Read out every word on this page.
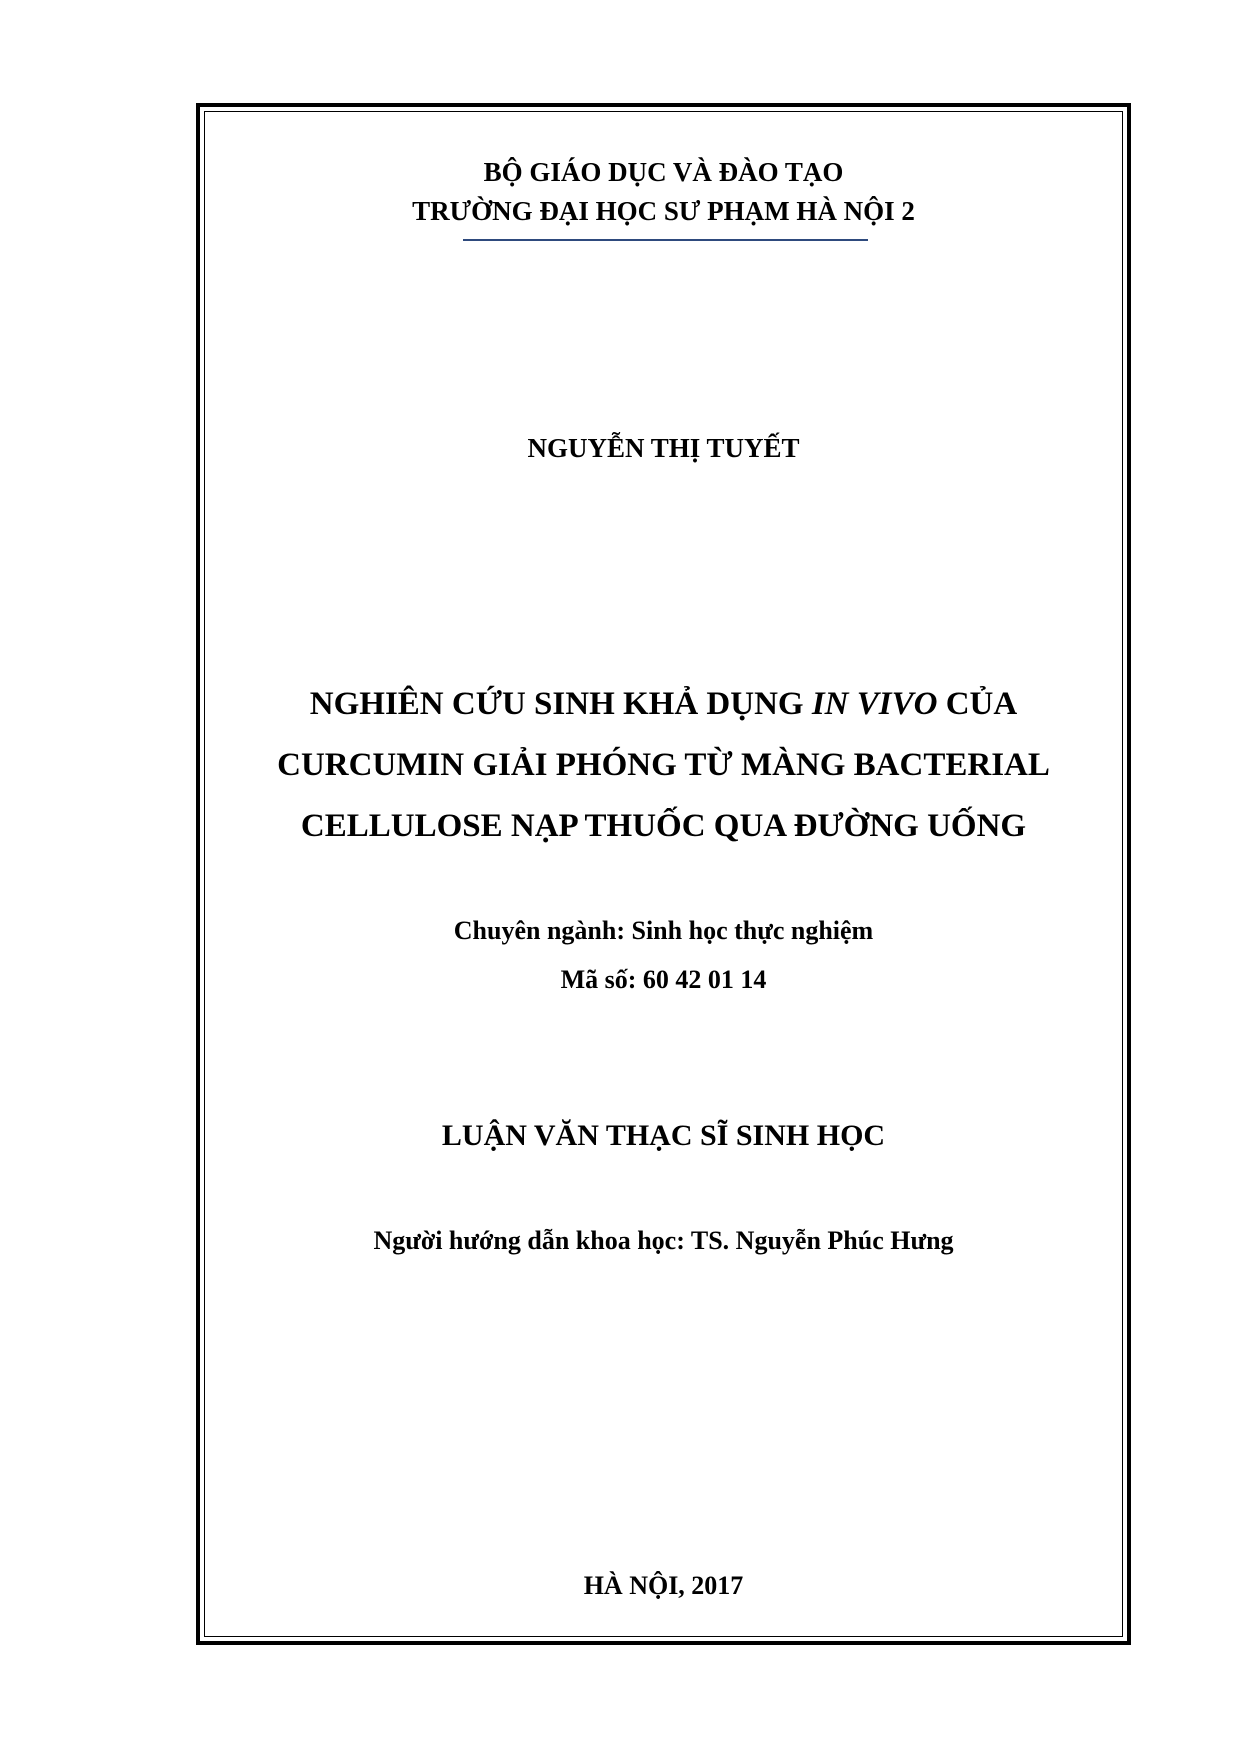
BỘ GIÁO DỤC VÀ ĐÀO TẠO
TRƯỜNG ĐẠI HỌC SƯ PHẠM HÀ NỘI 2
NGUYỄN THỊ TUYẾT
NGHIÊN CỨU SINH KHẢ DỤNG IN VIVO CỦA
CURCUMIN GIẢI PHÓNG TỪ MÀNG BACTERIAL
CELLULOSE NẠP THUỐC QUA ĐƯỜNG UỐNG
Chuyên ngành: Sinh học thực nghiệm
Mã số: 60 42 01 14
LUẬN VĂN THẠC SĨ SINH HỌC
Người hướng dẫn khoa học: TS. Nguyễn Phúc Hưng
HÀ NỘI, 2017
